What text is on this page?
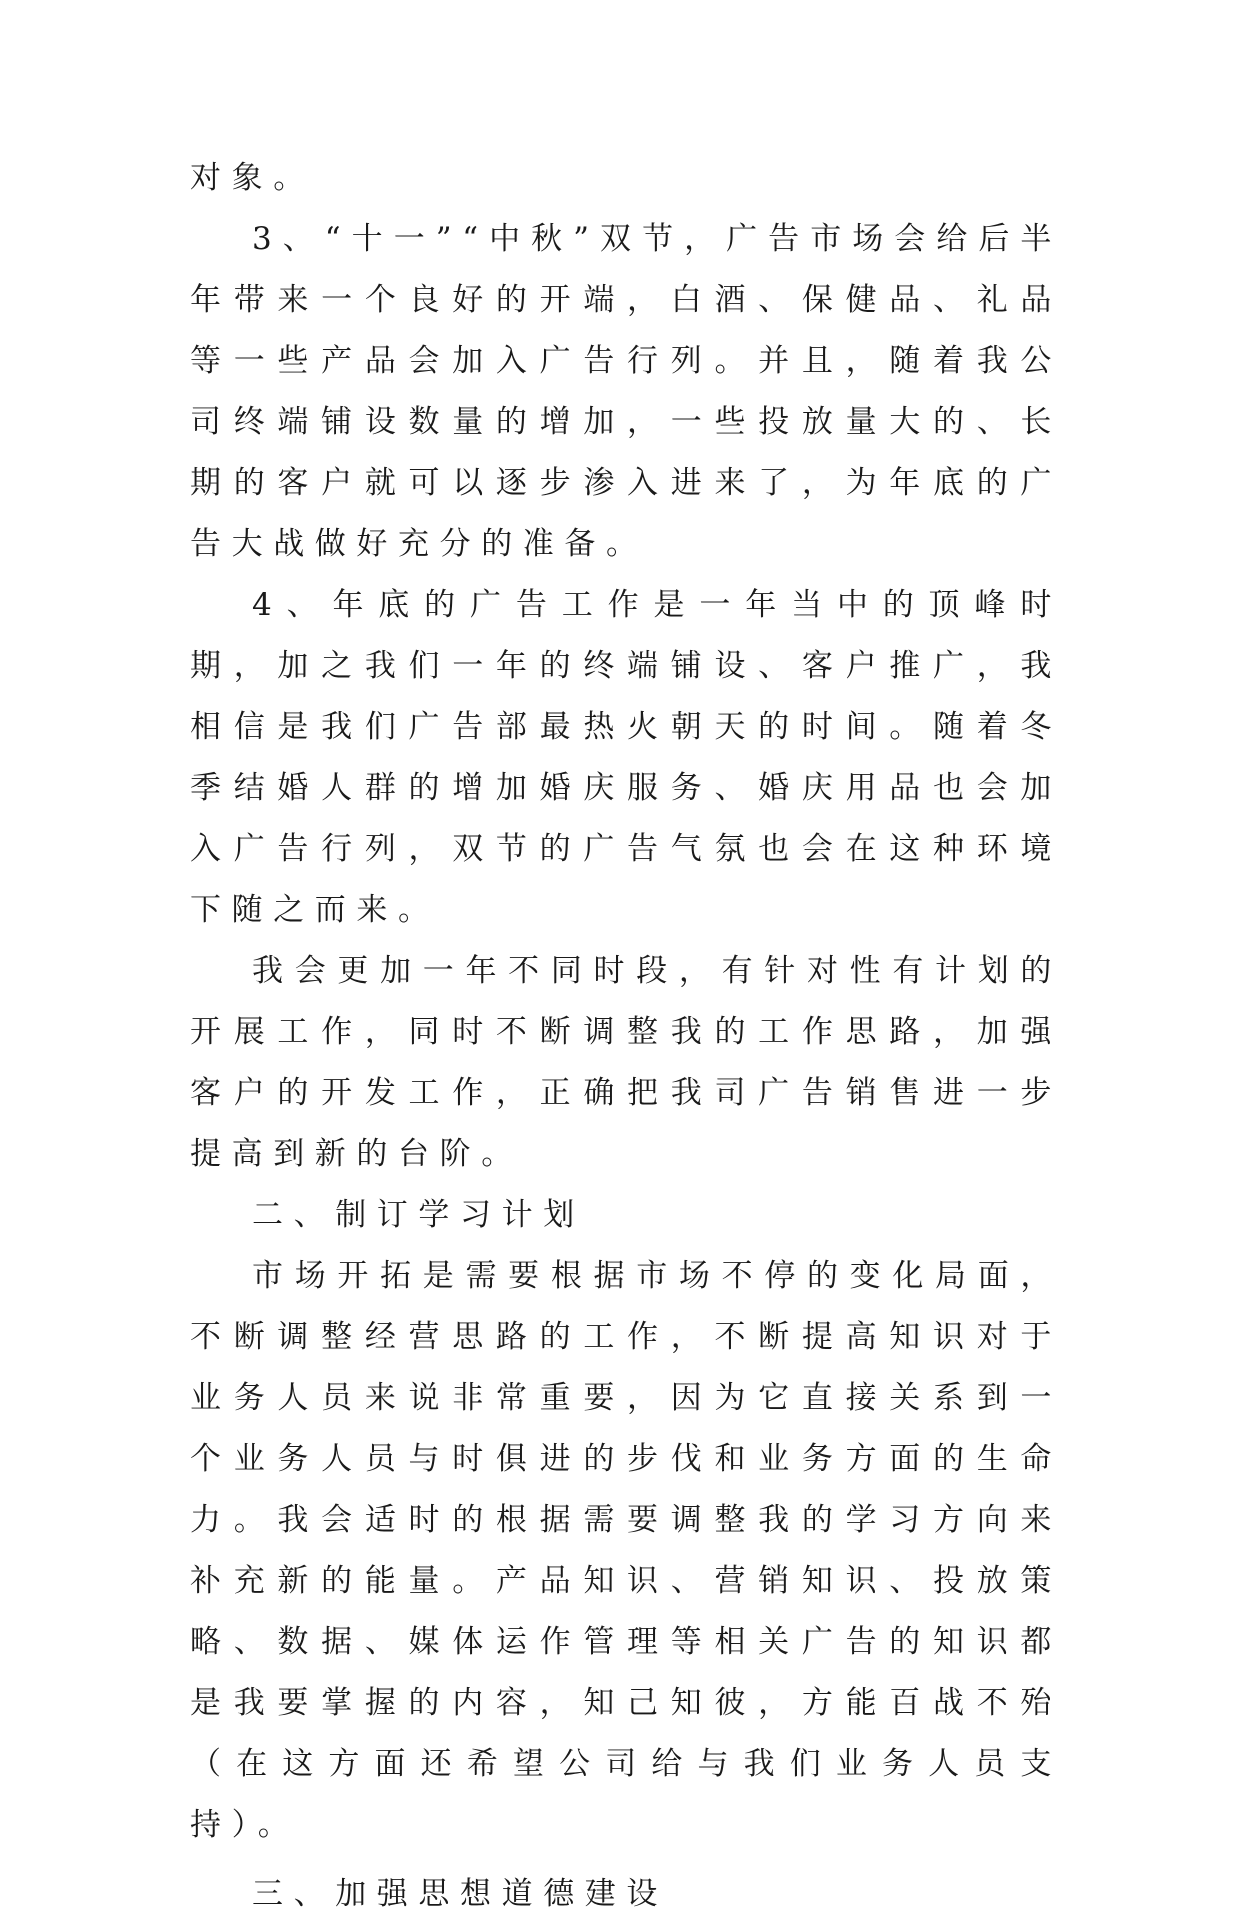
对象。

3、“十一”“中秋”双节，广告市场会给后半年带来一个良好的开端，白酒、保健品、礼品等一些产品会加入广告行列。并且，随着我公司终端铺设数量的增加，一些投放量大的、长期的客户就可以逐步渗入进来了，为年底的广告大战做好充分的准备。

4、年底的广告工作是一年当中的顶峰时期，加之我们一年的终端铺设、客户推广，我相信是我们广告部最热火朝天的时间。随着冬季结婚人群的增加婚庆服务、婚庆用品也会加入广告行列，双节的广告气氛也会在这种环境下随之而来。

我会更加一年不同时段，有针对性有计划的开展工作，同时不断调整我的工作思路，加强客户的开发工作，正确把我司广告销售进一步提高到新的台阶。

二、制订学习计划

市场开拓是需要根据市场不停的变化局面，不断调整经营思路的工作，不断提高知识对于业务人员来说非常重要，因为它直接关系到一个业务人员与时俱进的步伐和业务方面的生命力。我会适时的根据需要调整我的学习方向来补充新的能量。产品知识、营销知识、投放策略、数据、媒体运作管理等相关广告的知识都是我要掌握的内容，知己知彼，方能百战不殆（在这方面还希望公司给与我们业务人员支持）。

三、加强思想道德建设
